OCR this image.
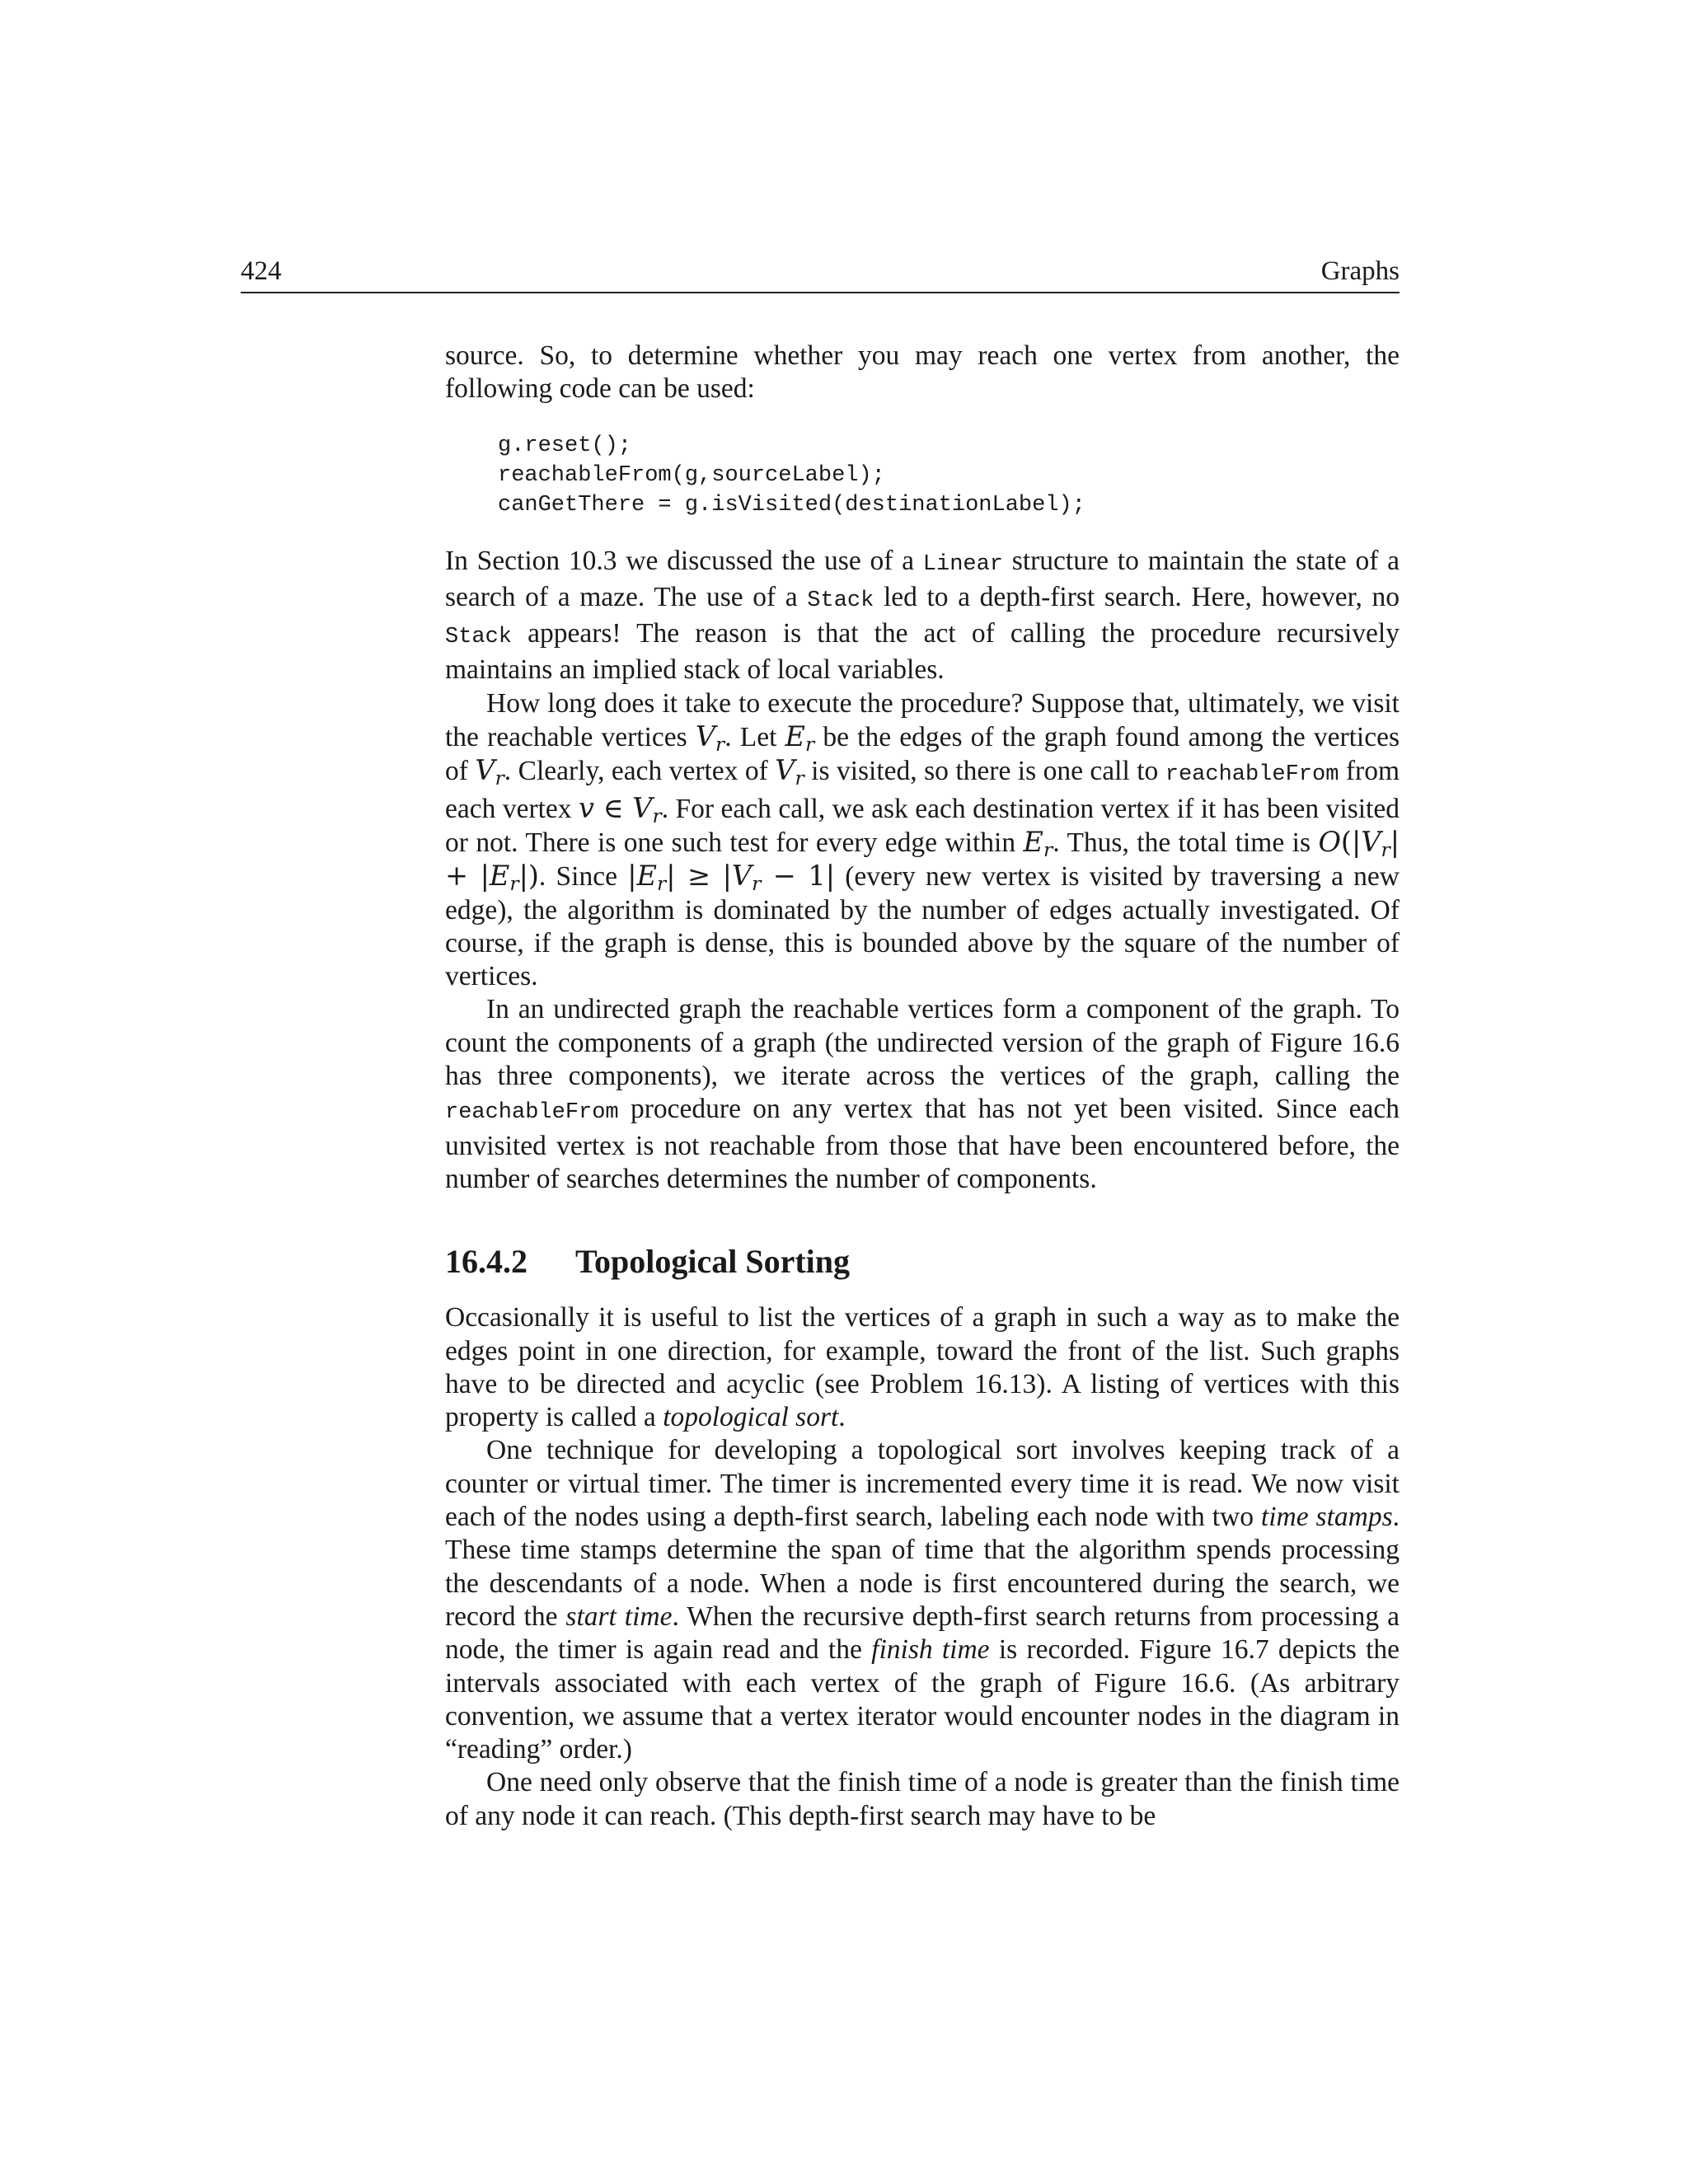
424	Graphs

source. So, to determine whether you may reach one vertex from another, the following code can be used:

g.reset();
reachableFrom(g,sourceLabel);
canGetThere = g.isVisited(destinationLabel);

In Section 10.3 we discussed the use of a Linear structure to maintain the state of a search of a maze. The use of a Stack led to a depth-first search. Here, however, no Stack appears! The reason is that the act of calling the procedure recursively maintains an implied stack of local variables.

How long does it take to execute the procedure? Suppose that, ultimately, we visit the reachable vertices $V_r$. Let $E_r$ be the edges of the graph found among the vertices of $V_r$. Clearly, each vertex of $V_r$ is visited, so there is one call to reachableFrom from each vertex v ∈ $V_r$. For each call, we ask each destination vertex if it has been visited or not. There is one such test for every edge within $E_r$. Thus, the total time is $O(|V_r| + |E_r|)$. Since $|E_r| \ge |V_r - 1|$ (every new vertex is visited by traversing a new edge), the algorithm is dominated by the number of edges actually investigated. Of course, if the graph is dense, this is bounded above by the square of the number of vertices.

In an undirected graph the reachable vertices form a component of the graph. To count the components of a graph (the undirected version of the graph of Figure 16.6 has three components), we iterate across the vertices of the graph, calling the reachableFrom procedure on any vertex that has not yet been visited. Since each unvisited vertex is not reachable from those that have been encountered before, the number of searches determines the number of components.

16.4.2 Topological Sorting

Occasionally it is useful to list the vertices of a graph in such a way as to make the edges point in one direction, for example, toward the front of the list. Such graphs have to be directed and acyclic (see Problem 16.13). A listing of vertices with this property is called a topological sort.

One technique for developing a topological sort involves keeping track of a counter or virtual timer. The timer is incremented every time it is read. We now visit each of the nodes using a depth-first search, labeling each node with two time stamps. These time stamps determine the span of time that the algorithm spends processing the descendants of a node. When a node is first encountered during the search, we record the start time. When the recursive depth-first search returns from processing a node, the timer is again read and the finish time is recorded. Figure 16.7 depicts the intervals associated with each vertex of the graph of Figure 16.6. (As arbitrary convention, we assume that a vertex iterator would encounter nodes in the diagram in “reading” order.)

One need only observe that the finish time of a node is greater than the finish time of any node it can reach. (This depth-first search may have to be
